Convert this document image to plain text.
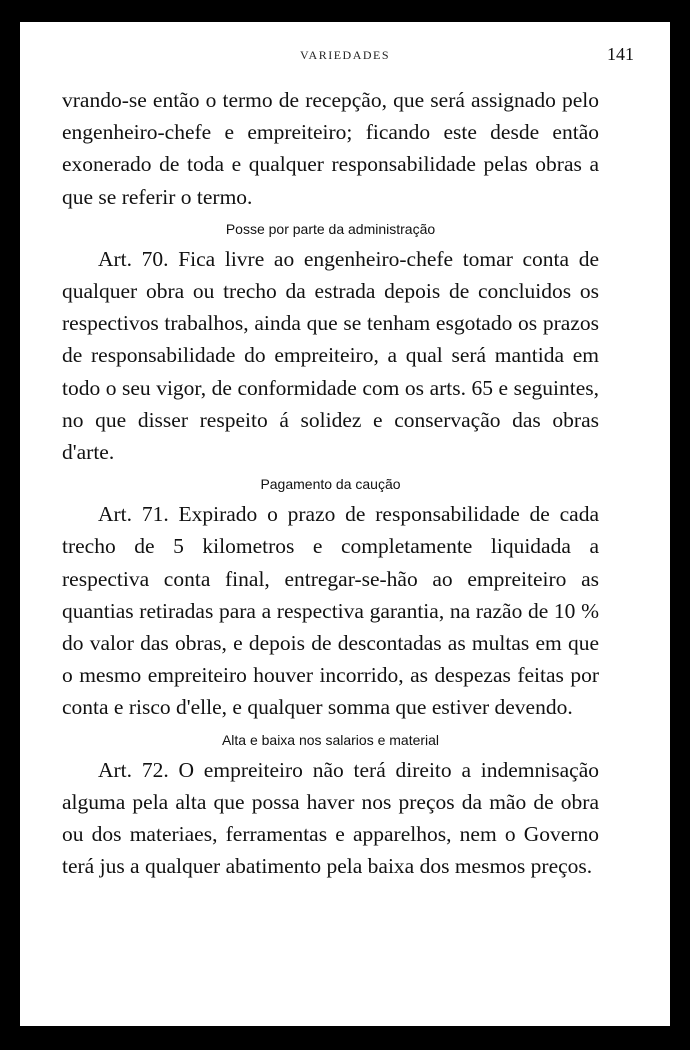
VARIEDADES	141

vrando-se então o termo de recepção, que será assignado pelo engenheiro-chefe e empreiteiro; ficando este desde então exonerado de toda e qualquer responsabilidade pelas obras a que se referir o termo.

Posse por parte da administração

Art. 70. Fica livre ao engenheiro-chefe tomar conta de qualquer obra ou trecho da estrada depois de concluidos os respectivos trabalhos, ainda que se tenham esgotado os prazos de responsabilidade do empreiteiro, a qual será mantida em todo o seu vigor, de conformidade com os arts. 65 e seguintes, no que disser respeito á solidez e conservação das obras d'arte.

Pagamento da caução

Art. 71. Expirado o prazo de responsabilidade de cada trecho de 5 kilometros e completamente liquidada a respectiva conta final, entregar-se-hão ao empreiteiro as quantias retiradas para a respectiva garantia, na razão de 10 % do valor das obras, e depois de descontadas as multas em que o mesmo empreiteiro houver incorrido, as despezas feitas por conta e risco d'elle, e qualquer somma que estiver devendo.

Alta e baixa nos salarios e material

Art. 72. O empreiteiro não terá direito a indemnisação alguma pela alta que possa haver nos preços da mão de obra ou dos materiaes, ferramentas e apparelhos, nem o Governo terá jus a qualquer abatimento pela baixa dos mesmos preços.
